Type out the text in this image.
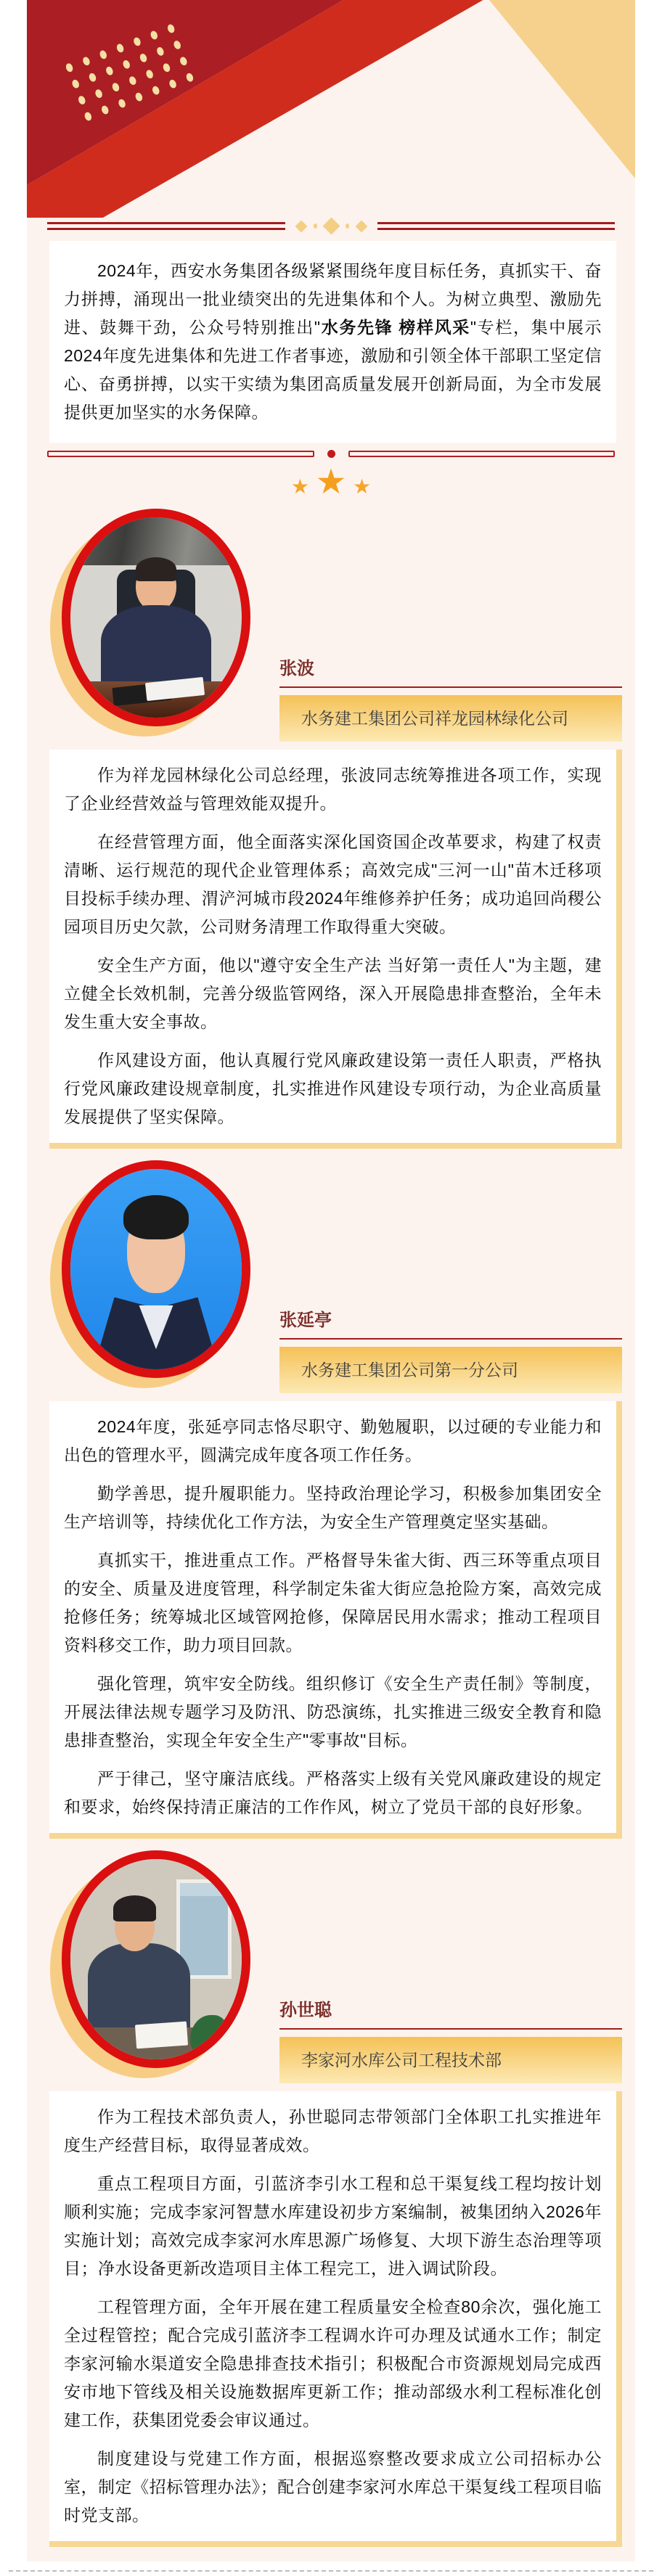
2024年，西安水务集团各级紧紧围绕年度目标任务，真抓实干、奋力拼搏，涌现出一批业绩突出的先进集体和个人。为树立典型、激励先进、鼓舞干劲，公众号特别推出"水务先锋 榜样风采"专栏，集中展示2024年度先进集体和先进工作者事迹，激励和引领全体干部职工坚定信心、奋勇拼搏，以实干实绩为集团高质量发展开创新局面，为全市发展提供更加坚实的水务保障。

★ ★ ★
张波
水务建工集团公司祥龙园林绿化公司

作为祥龙园林绿化公司总经理，张波同志统筹推进各项工作，实现了企业经营效益与管理效能双提升。

在经营管理方面，他全面落实深化国资国企改革要求，构建了权责清晰、运行规范的现代企业管理体系；高效完成"三河一山"苗木迁移项目投标手续办理、渭浐河城市段2024年维修养护任务；成功追回尚稷公园项目历史欠款，公司财务清理工作取得重大突破。

安全生产方面，他以"遵守安全生产法 当好第一责任人"为主题，建立健全长效机制，完善分级监管网络，深入开展隐患排查整治，全年未发生重大安全事故。

作风建设方面，他认真履行党风廉政建设第一责任人职责，严格执行党风廉政建设规章制度，扎实推进作风建设专项行动，为企业高质量发展提供了坚实保障。

张延亭
水务建工集团公司第一分公司

2024年度，张延亭同志恪尽职守、勤勉履职，以过硬的专业能力和出色的管理水平，圆满完成年度各项工作任务。

勤学善思，提升履职能力。坚持政治理论学习，积极参加集团安全生产培训等，持续优化工作方法，为安全生产管理奠定坚实基础。

真抓实干，推进重点工作。严格督导朱雀大街、西三环等重点项目的安全、质量及进度管理，科学制定朱雀大街应急抢险方案，高效完成抢修任务；统筹城北区域管网抢修，保障居民用水需求；推动工程项目资料移交工作，助力项目回款。

强化管理，筑牢安全防线。组织修订《安全生产责任制》等制度，开展法律法规专题学习及防汛、防恐演练，扎实推进三级安全教育和隐患排查整治，实现全年安全生产"零事故"目标。

严于律己，坚守廉洁底线。严格落实上级有关党风廉政建设的规定和要求，始终保持清正廉洁的工作作风，树立了党员干部的良好形象。

孙世聪
李家河水库公司工程技术部

作为工程技术部负责人，孙世聪同志带领部门全体职工扎实推进年度生产经营目标，取得显著成效。

重点工程项目方面，引蓝济李引水工程和总干渠复线工程均按计划顺利实施；完成李家河智慧水库建设初步方案编制，被集团纳入2026年实施计划；高效完成李家河水库思源广场修复、大坝下游生态治理等项目；净水设备更新改造项目主体工程完工，进入调试阶段。

工程管理方面，全年开展在建工程质量安全检查80余次，强化施工全过程管控；配合完成引蓝济李工程调水许可办理及试通水工作；制定李家河输水渠道安全隐患排查技术指引；积极配合市资源规划局完成西安市地下管线及相关设施数据库更新工作；推动部级水利工程标准化创建工作，获集团党委会审议通过。

制度建设与党建工作方面，根据巡察整改要求成立公司招标办公室，制定《招标管理办法》；配合创建李家河水库总干渠复线工程项目临时党支部。
